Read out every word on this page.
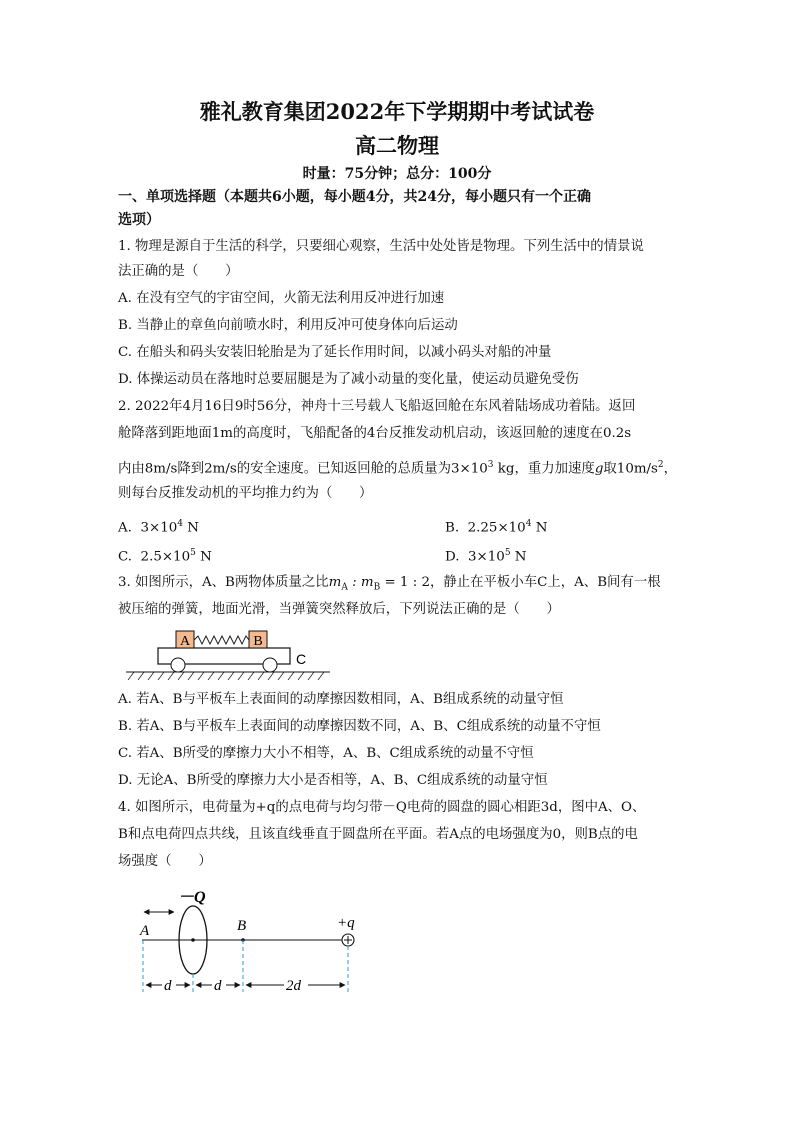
雅礼教育集团2022年下学期期中考试试卷
高二物理
时量：75分钟；总分：100分
一、单项选择题（本题共6小题，每小题4分，共24分，每小题只有一个正确
选项）
1. 物理是源自于生活的科学，只要细心观察，生活中处处皆是物理。下列生活中的情景说
法正确的是（　　）
A. 在没有空气的宇宙空间，火箭无法利用反冲进行加速
B. 当静止的章鱼向前喷水时，利用反冲可使身体向后运动
C. 在船头和码头安装旧轮胎是为了延长作用时间，以减小码头对船的冲量
D. 体操运动员在落地时总要屈腿是为了减小动量的变化量，使运动员避免受伤
2. 2022年4月16日9时56分，神舟十三号载人飞船返回舱在东风着陆场成功着陆。返回
舱降落到距地面1m的高度时，飞船配备的4台反推发动机启动，该返回舱的速度在0.2s
内由8m/s降到2m/s的安全速度。已知返回舱的总质量为$3\times 10^3$ kg，重力加速度g取$10m/s^2$，
则每台反推发动机的平均推力约为（　　）
A. $3\times 10^4$ N	B. $2.25\times 10^4$ N
C. $2.5\times 10^5$ N	D. $3\times 10^5$ N
3. 如图所示，A、B两物体质量之比$m_A$ : $m_B = 1$ : 2，静止在平板小车C上，A、B间有一根
被压缩的弹簧，地面光滑，当弹簧突然释放后，下列说法正确的是（　　）
A	B
C
A. 若A、B与平板车上表面间的动摩擦因数相同，A、B组成系统的动量守恒
B. 若A、B与平板车上表面间的动摩擦因数不同，A、B、C组成系统的动量不守恒
C. 若A、B所受的摩擦力大小不相等，A、B、C组成系统的动量不守恒
D. 无论A、B所受的摩擦力大小是否相等，A、B、C组成系统的动量守恒
4. 如图所示，电荷量为+q的点电荷与均匀带－Q电荷的圆盘的圆心相距3d，图中A、O、
B和点电荷四点共线，且该直线垂直于圆盘所在平面。若A点的电场强度为0，则B点的电
场强度（　　）
－Q
A	B	+q
d	d	2d
